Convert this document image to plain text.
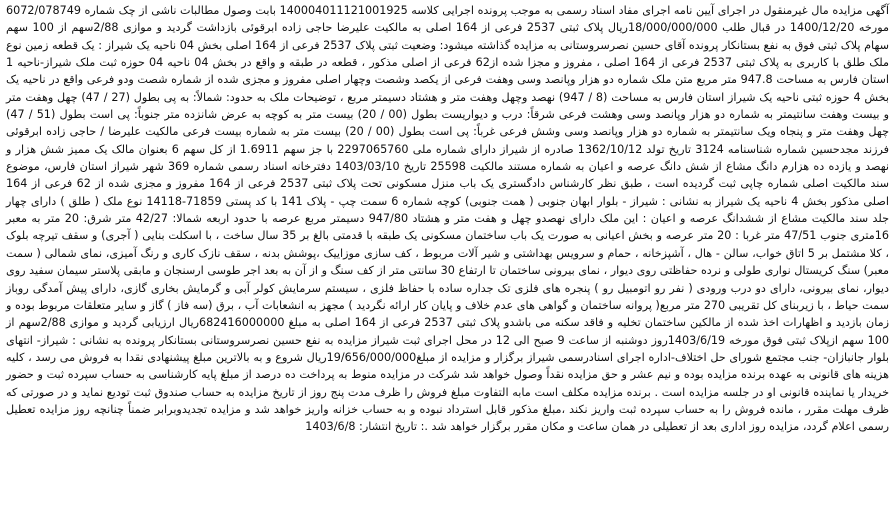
آگهی مزایده مال غیرمنقول در اجرای آیین نامه اجرای مفاد اسناد رسمی به موجب پرونده اجرایی کلاسه 140004011121001925 بابت وصول مطالبات ناشی از چک شماره 6072/078749 مورخه 1400/12/20 در قبال طلب 18/000/000/000ریال پلاک ثبتی 2537 فرعی از 164 اصلی به مالکیت علیرضا حاجی زاده ابرقوئی بازداشت گردید و موازی 2/88سهم از 100 سهم سهام پلاک ثبتی فوق به نفع بستانکار پرونده آقای حسین نصرسروستانی به مزایده گذاشته میشود: وضعیت ثبتی پلاک 2537 فرعی از 164 اصلی بخش 04 ناحیه یک شیراز : یک قطعه زمین نوع ملک طلق با کاربری به پلاک ثبتی 2537 فرعی از 164 اصلی ، مفروز و مجزا شده از62 فرعی از اصلی مذکور ، قطعه در طبقه و واقع در بخش 04 ناحیه 04 حوزه ثبت ملک شیراز-ناحیه 1 استان فارس به مساحت 947.8 متر مربع متن ملک شماره دو هزار وپانصد وسی وهفت فرعی از یکصد وشصت وچهار اصلی مفروز و مجزی شده از شماره شصت ودو فرعی واقع در ناحیه یک بخش 4 حوزه ثبتی ناحیه یک شیراز استان فارس به مساحت (8 / 947) نهصد وچهل وهفت متر و هشتاد دسیمتر مربع ، توضیحات ملک به حدود: شمالاً: به پی بطول (27 / 47) چهل وهفت متر و بیست وهفت سانتیمتر به شماره دو هزار وپانصد وسی وهشت فرعی شرقاً: درب و دیواریست بطول (00 / 20) بیست متر به کوچه به عرض شانزده متر جنوباً: پی است بطول (51 / 47) چهل وهفت متر و پنجاه ویک سانتیمتر به شماره دو هزار وپانصد وسی وشش فرعی غرباً: پی است بطول (00 / 20) بیست متر به شماره بیست فرعی مالکیت علیرضا / حاجی زاده ابرقوئی فرزند مجدحسین شماره شناسنامه 3124 تاریخ تولد 1362/10/12 صادره از شیراز دارای شماره ملی 2297065760 با جز سهم 1.6911 از کل سهم 6 بعنوان مالک یک ممیز شش هزار و نهصد و یازده ده هزارم دانگ مشاع از شش دانگ عرصه و اعیان به شماره مستند مالکیت 25598 تاریخ 1403/03/10 دفترخانه اسناد رسمی شماره 369 شهر شیراز استان فارس، موضوع سند مالکیت اصلی شماره چاپی ثبت گردیده است ، طبق نظر کارشناس دادگستری یک باب منزل مسکونی تحت پلاک ثبتی 2537 فرعی از 164 مفروز و مجزی شده از 62 فرعی از 164 اصلی مذکور بخش 4 ناحیه یک شیراز به نشانی : شیراز - بلوار ابهان جنوبی ( همت جنوبی) کوچه شماره 6 سمت چپ - پلاک 141 با کد پستی 71859-14118 نوع ملک ( طلق ) دارای چهار جلد سند مالکیت مشاع از ششدانگ عرصه و اعیان : این ملک دارای نهصدو چهل و هفت متر و هشتاد 947/80 دسیمتر مربع عرصه با حدود اربعه شمالا: 42/27 متر شرق: 20 متر به معبر 16متری جنوب 47/51 متر غربا : 20 متر عرصه و بخش اعیانی به صورت یک باب ساختمان مسکونی یک طبقه با قدمتی بالغ بر 35 سال ساخت ، با اسکلت بنایی ( آجری) و سقف تیرچه بلوک ، کلا مشتمل بر 5 اتاق خواب، سالن - هال ، آشپزخانه ، حمام و سرویس بهداشتی و شیر آلات مربوط ، کف سازی موزاییک ،پوشش بدنه ، سقف نازک کاری و رنگ آمیزی، نمای شمالی ( سمت معبر) سنگ کریستال نواری طولی و نرده حفاظتی روی دیوار ، نمای بیرونی ساختمان تا ارتفاع 30 سانتی متر از کف سنگ و از آن به بعد اجر طوسی ارسنجان و مابقی پلاستر سیمان سفید روی دیوار، نمای بیرونی، دارای دو درب ورودی ( نفر رو اتومبیل رو ) پنجره های فلزی تک جداره ساده با حفاظ فلزی ، سیستم سرمایش کولر آبی و گرمایش بخاری گازی، دارای پیش آمدگی روباز سمت حیاط ، با زیربنای کل تقریبی 270 متر مربع( پروانه ساختمان و گواهی های عدم خلاف و پایان کار ارائه نگردید ) مجهز به انشعابات آب ، برق (سه فاز ) گاز و سایر متعلقات مربوط بوده و زمان بازدید و اظهارات اخذ شده از مالکین ساختمان تخلیه و فاقد سکنه می باشدو پلاک ثبتی 2537 فرعی از 164 اصلی به مبلغ 682416000000ریال ارزیابی گردید و موازی 2/88سهم از 100 سهم ازپلاک ثبتی فوق مورخه 1403/6/19روز دوشنبه از ساعت 9 صبح الی 12 در محل اجرای ثبت شیراز مزایده به نفع حسین نصرسروستانی بستانکار پرونده به نشانی : شیراز- انتهای بلوار جانبازان- جنب مجتمع شورای حل اختلاف-اداره اجرای اسنادرسمی شیراز برگزار و مزایده از مبلغ19/656/000/000ریال شروع و به بالاترین مبلغ پیشنهادی نقدا به فروش می رسد ، کلیه هزینه های قانونی به عهده برنده مزایده بوده و نیم عشر و حق مزایده نقداً وصول خواهد شد شرکت در مزایده منوط به پرداخت ده درصد از مبلغ پایه کارشناسی به حساب سپرده ثبت و حضور خریدار یا نماینده قانونی او در جلسه مزایده است . برنده مزایده مکلف است مابه التفاوت مبلغ فروش را ظرف مدت پنج روز از تاریخ مزایده به حساب صندوق ثبت تودیع نماید و در صورتی که ظرف مهلت مقرر ، مانده فروش را به حساب سپرده ثبت واریز نکند ،مبلغ مذکور قابل استرداد نبوده و به حساب خزانه واریز خواهد شد و مزایده تجدیدوبرابر ضمناً چنانچه روز مزایده تعطیل رسمی اعلام گردد، مزایده روز اداری بعد از تعطیلی در همان ساعت و مکان مقرر برگزار خواهد شد .: تاریخ انتشار: 1403/6/8
